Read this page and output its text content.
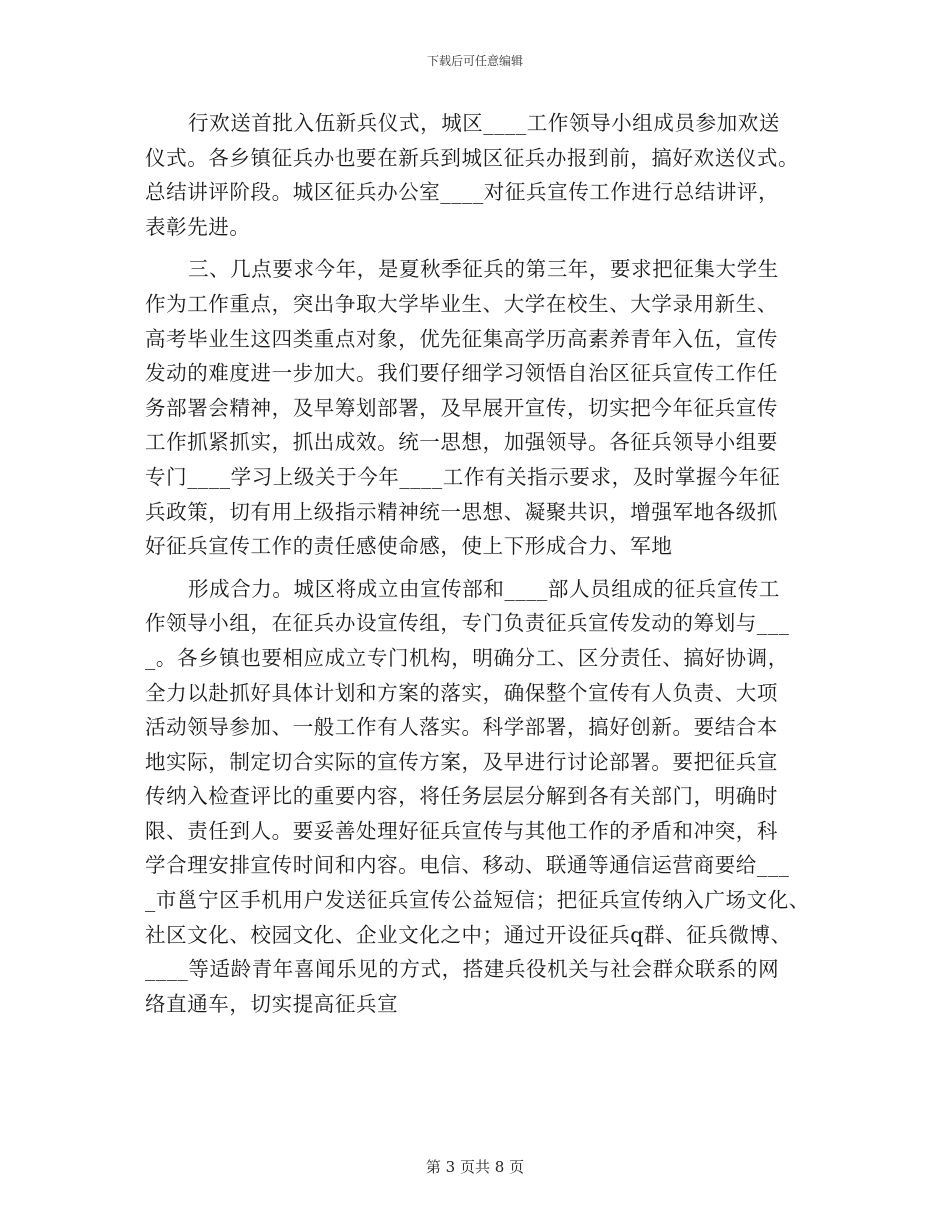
下载后可任意编辑
行欢送首批入伍新兵仪式，城区____工作领导小组成员参加欢送
仪式。各乡镇征兵办也要在新兵到城区征兵办报到前，搞好欢送仪式。
总结讲评阶段。城区征兵办公室____对征兵宣传工作进行总结讲评，
表彰先进。
三、几点要求今年，是夏秋季征兵的第三年，要求把征集大学生
作为工作重点，突出争取大学毕业生、大学在校生、大学录用新生、
高考毕业生这四类重点对象，优先征集高学历高素养青年入伍，宣传
发动的难度进一步加大。我们要仔细学习领悟自治区征兵宣传工作任
务部署会精神，及早筹划部署，及早展开宣传，切实把今年征兵宣传
工作抓紧抓实，抓出成效。统一思想，加强领导。各征兵领导小组要
专门____学习上级关于今年____工作有关指示要求，及时掌握今年征
兵政策，切有用上级指示精神统一思想、凝聚共识，增强军地各级抓
好征兵宣传工作的责任感使命感，使上下形成合力、军地
形成合力。城区将成立由宣传部和____部人员组成的征兵宣传工
作领导小组，在征兵办设宣传组，专门负责征兵宣传发动的筹划与___
_。各乡镇也要相应成立专门机构，明确分工、区分责任、搞好协调，
全力以赴抓好具体计划和方案的落实，确保整个宣传有人负责、大项
活动领导参加、一般工作有人落实。科学部署，搞好创新。要结合本
地实际，制定切合实际的宣传方案，及早进行讨论部署。要把征兵宣
传纳入检查评比的重要内容，将任务层层分解到各有关部门，明确时
限、责任到人。要妥善处理好征兵宣传与其他工作的矛盾和冲突，科
学合理安排宣传时间和内容。电信、移动、联通等通信运营商要给___
_市邕宁区手机用户发送征兵宣传公益短信；把征兵宣传纳入广场文化、
社区文化、校园文化、企业文化之中；通过开设征兵q群、征兵微博、
____等适龄青年喜闻乐见的方式，搭建兵役机关与社会群众联系的网
络直通车，切实提高征兵宣
第 3 页共 8 页
